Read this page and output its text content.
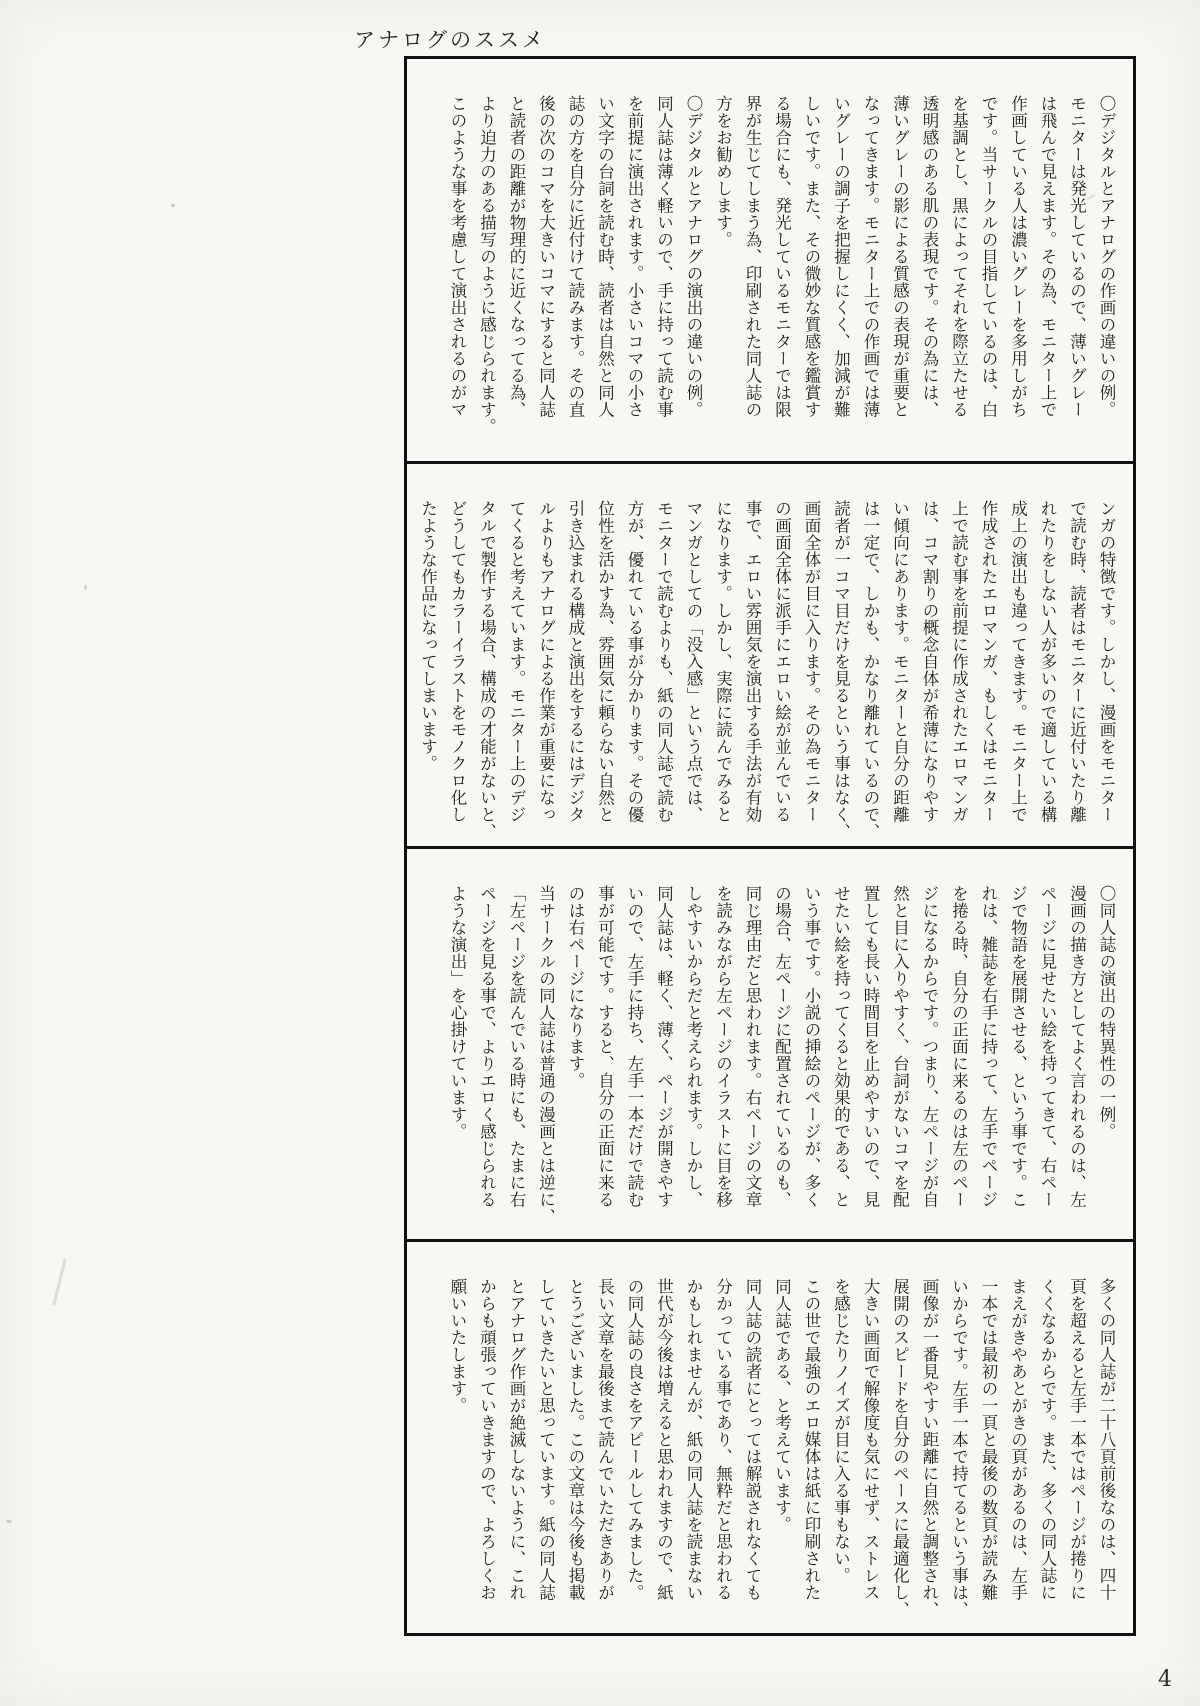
アナログのススメ

〇デジタルとアナログの作画の違いの例。

モニターは発光しているので、薄いグレー

は飛んで見えます。その為、モニター上で

作画している人は濃いグレーを多用しがち

です。当サークルの目指しているのは、白

を基調とし、黒によってそれを際立たせる

透明感のある肌の表現です。その為には、

薄いグレーの影による質感の表現が重要と

なってきます。モニター上での作画では薄

いグレーの調子を把握しにくく、加減が難

しいです。また、その微妙な質感を鑑賞す

る場合にも、発光しているモニターでは限

界が生じてしまう為、印刷された同人誌の

方をお勧めします。

〇デジタルとアナログの演出の違いの例。

同人誌は薄く軽いので、手に持って読む事

を前提に演出されます。小さいコマの小さ

い文字の台詞を読む時、読者は自然と同人

誌の方を自分に近付けて読みます。その直

後の次のコマを大きいコマにすると同人誌

と読者の距離が物理的に近くなってる為、

より迫力のある描写のように感じられます。

このような事を考慮して演出されるのがマ

ンガの特徴です。しかし、漫画をモニター

で読む時、読者はモニターに近付いたり離

れたりをしない人が多いので適している構

成上の演出も違ってきます。モニター上で

作成されたエロマンガ、もしくはモニター

上で読む事を前提に作成されたエロマンガ

は、コマ割りの概念自体が希薄になりやす

い傾向にあります。モニターと自分の距離

は一定で、しかも、かなり離れているので、

読者が一コマ目だけを見るという事はなく、

画面全体が目に入ります。その為モニター

の画面全体に派手にエロい絵が並んでいる

事で、エロい雰囲気を演出する手法が有効

になります。しかし、実際に読んでみると

マンガとしての「没入感」という点では、

モニターで読むよりも、紙の同人誌で読む

方が、優れている事が分かります。その優

位性を活かす為、雰囲気に頼らない自然と

引き込まれる構成と演出をするにはデジタ

ルよりもアナログによる作業が重要になっ

てくると考えています。モニター上のデジ

タルで製作する場合、構成の才能がないと、

どうしてもカラーイラストをモノクロ化し

たような作品になってしまいます。

〇同人誌の演出の特異性の一例。

漫画の描き方としてよく言われるのは、左

ページに見せたい絵を持ってきて、右ペー

ジで物語を展開させる、という事です。こ

れは、雑誌を右手に持って、左手でページ

を捲る時、自分の正面に来るのは左のペー

ジになるからです。つまり、左ページが自

然と目に入りやすく、台詞がないコマを配

置しても長い時間目を止めやすいので、見

せたい絵を持ってくると効果的である、と

いう事です。小説の挿絵のページが、多く

の場合、左ページに配置されているのも、

同じ理由だと思われます。右ページの文章

を読みながら左ページのイラストに目を移

しやすいからだと考えられます。しかし、

同人誌は、軽く、薄く、ページが開きやす

いので、左手に持ち、左手一本だけで読む

事が可能です。すると、自分の正面に来る

のは右ページになります。

当サークルの同人誌は普通の漫画とは逆に、

「左ページを読んでいる時にも、たまに右

ページを見る事で、よりエロく感じられる

ような演出」を心掛けています。

多くの同人誌が二十八頁前後なのは、四十

頁を超えると左手一本ではページが捲りに

くくなるからです。また、多くの同人誌に

まえがきやあとがきの頁があるのは、左手

一本では最初の一頁と最後の数頁が読み難

いからです。左手一本で持てるという事は、

画像が一番見やすい距離に自然と調整され、

展開のスピードを自分のペースに最適化し、

大きい画面で解像度も気にせず、ストレス

を感じたりノイズが目に入る事もない。

この世で最強のエロ媒体は紙に印刷された

同人誌である、と考えています。

同人誌の読者にとっては解説されなくても

分かっている事であり、無粋だと思われる

かもしれませんが、紙の同人誌を読まない

世代が今後は増えると思われますので、紙

の同人誌の良さをアピールしてみました。

長い文章を最後まで読んでいただきありが

とうございました。この文章は今後も掲載

していきたいと思っています。紙の同人誌

とアナログ作画が絶滅しないように、これ

からも頑張っていきますので、よろしくお

願いいたします。

4
